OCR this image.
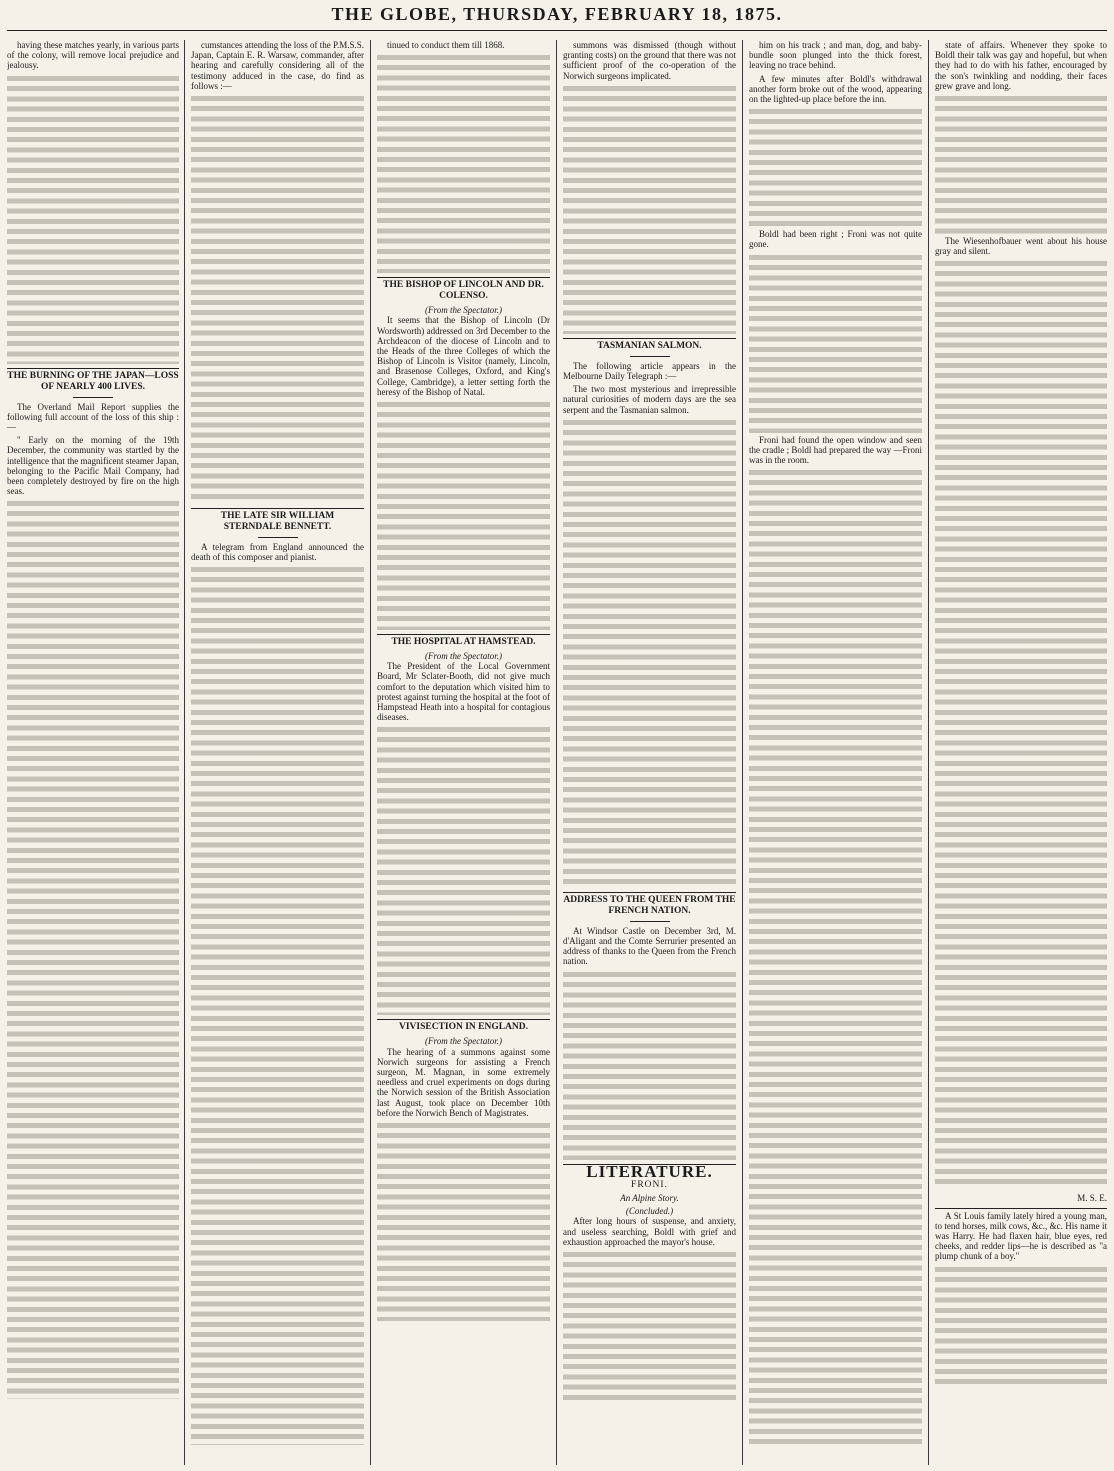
THE GLOBE, THURSDAY, FEBRUARY 18, 1875.

having these matches yearly, in various parts of the colony, will remove local prejudice and jealousy.

THE BURNING OF THE JAPAN—LOSS OF NEARLY 400 LIVES.

The Overland Mail Report supplies the following full account of the loss of this ship :—

" Early on the morning of the 19th December, the community was startled by the intelligence that the magnificent steamer Japan, belonging to the Pacific Mail Company, had been completely destroyed by fire on the high seas.

cumstances attending the loss of the P.M.S.S. Japan, Captain E. R. Warsaw, commander, after hearing and carefully considering all of the testimony adduced in the case, do find as follows :—

THE LATE SIR WILLIAM STERNDALE BENNETT.

A telegram from England announced the death of this composer and pianist.

tinued to conduct them till 1868.

THE BISHOP OF LINCOLN AND DR. COLENSO.
(From the Spectator.)

It seems that the Bishop of Lincoln (Dr Wordsworth) addressed on 3rd December to the Archdeacon of the diocese of Lincoln and to the Heads of the three Colleges of which the Bishop of Lincoln is Visitor (namely, Lincoln, and Brasenose Colleges, Oxford, and King's College, Cambridge), a letter setting forth the heresy of the Bishop of Natal.

THE HOSPITAL AT HAMSTEAD.
(From the Spectator.)

The President of the Local Government Board, Mr Sclater-Booth, did not give much comfort to the deputation which visited him to protest against turning the hospital at the foot of Hampstead Heath into a hospital for contagious diseases.

VIVISECTION IN ENGLAND.
(From the Spectator.)

The hearing of a summons against some Norwich surgeons for assisting a French surgeon, M. Magnan, in some extremely needless and cruel experiments on dogs during the Norwich session of the British Association last August, took place on December 10th before the Norwich Bench of Magistrates.

summons was dismissed (though without granting costs) on the ground that there was not sufficient proof of the co-operation of the Norwich surgeons implicated.

TASMANIAN SALMON.

The following article appears in the Melbourne Daily Telegraph :—

The two most mysterious and irrepressible natural curiosities of modern days are the sea serpent and the Tasmanian salmon.

ADDRESS TO THE QUEEN FROM THE FRENCH NATION.

At Windsor Castle on December 3rd, M. d'Aligant and the Comte Serrurier presented an address of thanks to the Queen from the French nation.

LITERATURE.
FRONI.
An Alpine Story.
(Concluded.)

After long hours of suspense, and anxiety, and useless searching, Boldl with grief and exhaustion approached the mayor's house.

him on his track ; and man, dog, and baby-bundle soon plunged into the thick forest, leaving no trace behind.

A few minutes after Boldl's withdrawal another form broke out of the wood, appearing on the lighted-up place before the inn.

Boldl had been right ; Froni was not quite gone.

Froni had found the open window and seen the cradle ; Boldl had prepared the way —Froni was in the room.

state of affairs. Whenever they spoke to Boldl their talk was gay and hopeful, but when they had to do with his father, encouraged by the son's twinkling and nodding, their faces grew grave and long.

The Wiesenhofbauer went about his house gray and silent.

M. S. E.

A St Louis family lately hired a young man, to tend horses, milk cows, &c., &c. His name it was Harry. He had flaxen hair, blue eyes, red cheeks, and redder lips—he is described as "a plump chunk of a boy."
